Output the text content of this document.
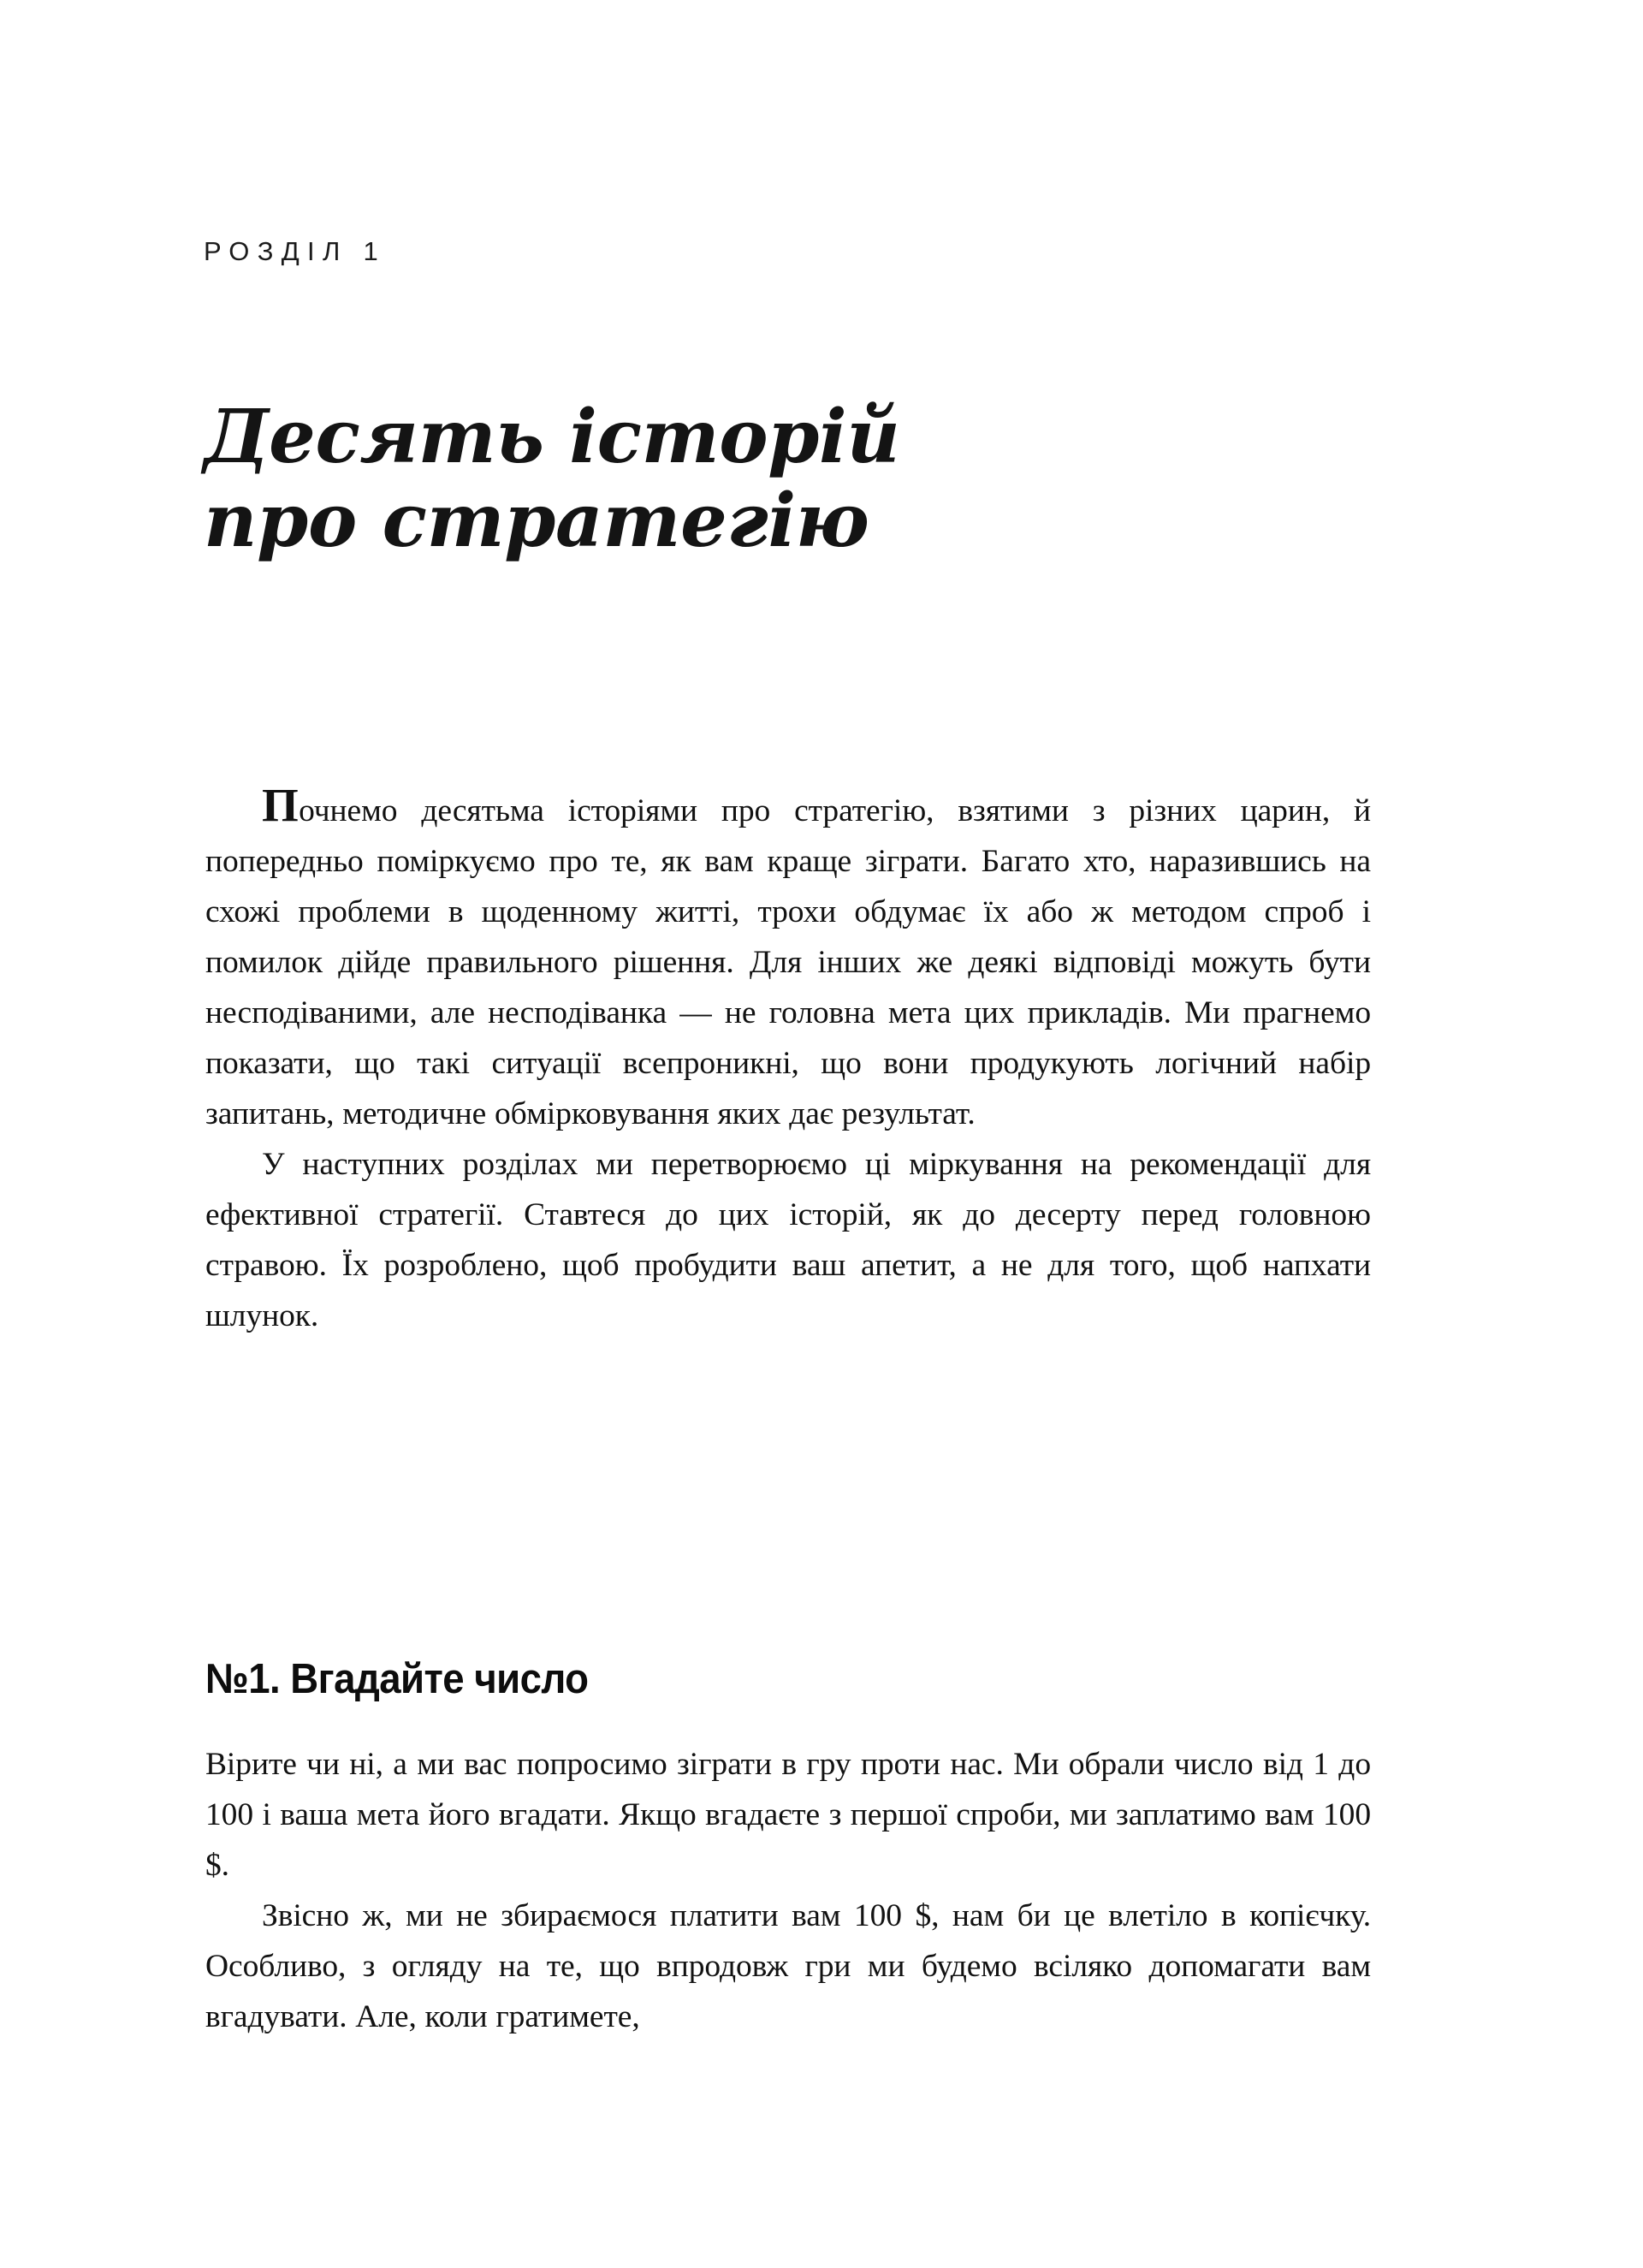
РОЗДІЛ 1
Десять історій
про стратегію

Почнемо десятьма історіями про стратегію, взятими з різних царин, й попередньо поміркуємо про те, як вам краще зіграти. Багато хто, наразившись на схожі проблеми в щоденному житті, трохи обдумає їх або ж методом спроб і помилок дійде правильного рішення. Для інших же деякі відповіді можуть бути несподіваними, але несподіванка — не головна мета цих прикладів. Ми прагнемо показати, що такі ситуації всепроникні, що вони продукують логічний набір запитань, методичне обмірковування яких дає результат.

У наступних розділах ми перетворюємо ці міркування на рекомендації для ефективної стратегії. Ставтеся до цих історій, як до десерту перед головною стравою. Їх розроблено, щоб пробудити ваш апетит, а не для того, щоб напхати шлунок.

№1. Вгадайте число

Вірите чи ні, а ми вас попросимо зіграти в гру проти нас. Ми обрали число від 1 до 100 і ваша мета його вгадати. Якщо вгадаєте з першої спроби, ми заплатимо вам 100 $.

Звісно ж, ми не збираємося платити вам 100 $, нам би це влетіло в копієчку. Особливо, з огляду на те, що впродовж гри ми будемо всіляко допомагати вам вгадувати. Але, коли гратимете,
